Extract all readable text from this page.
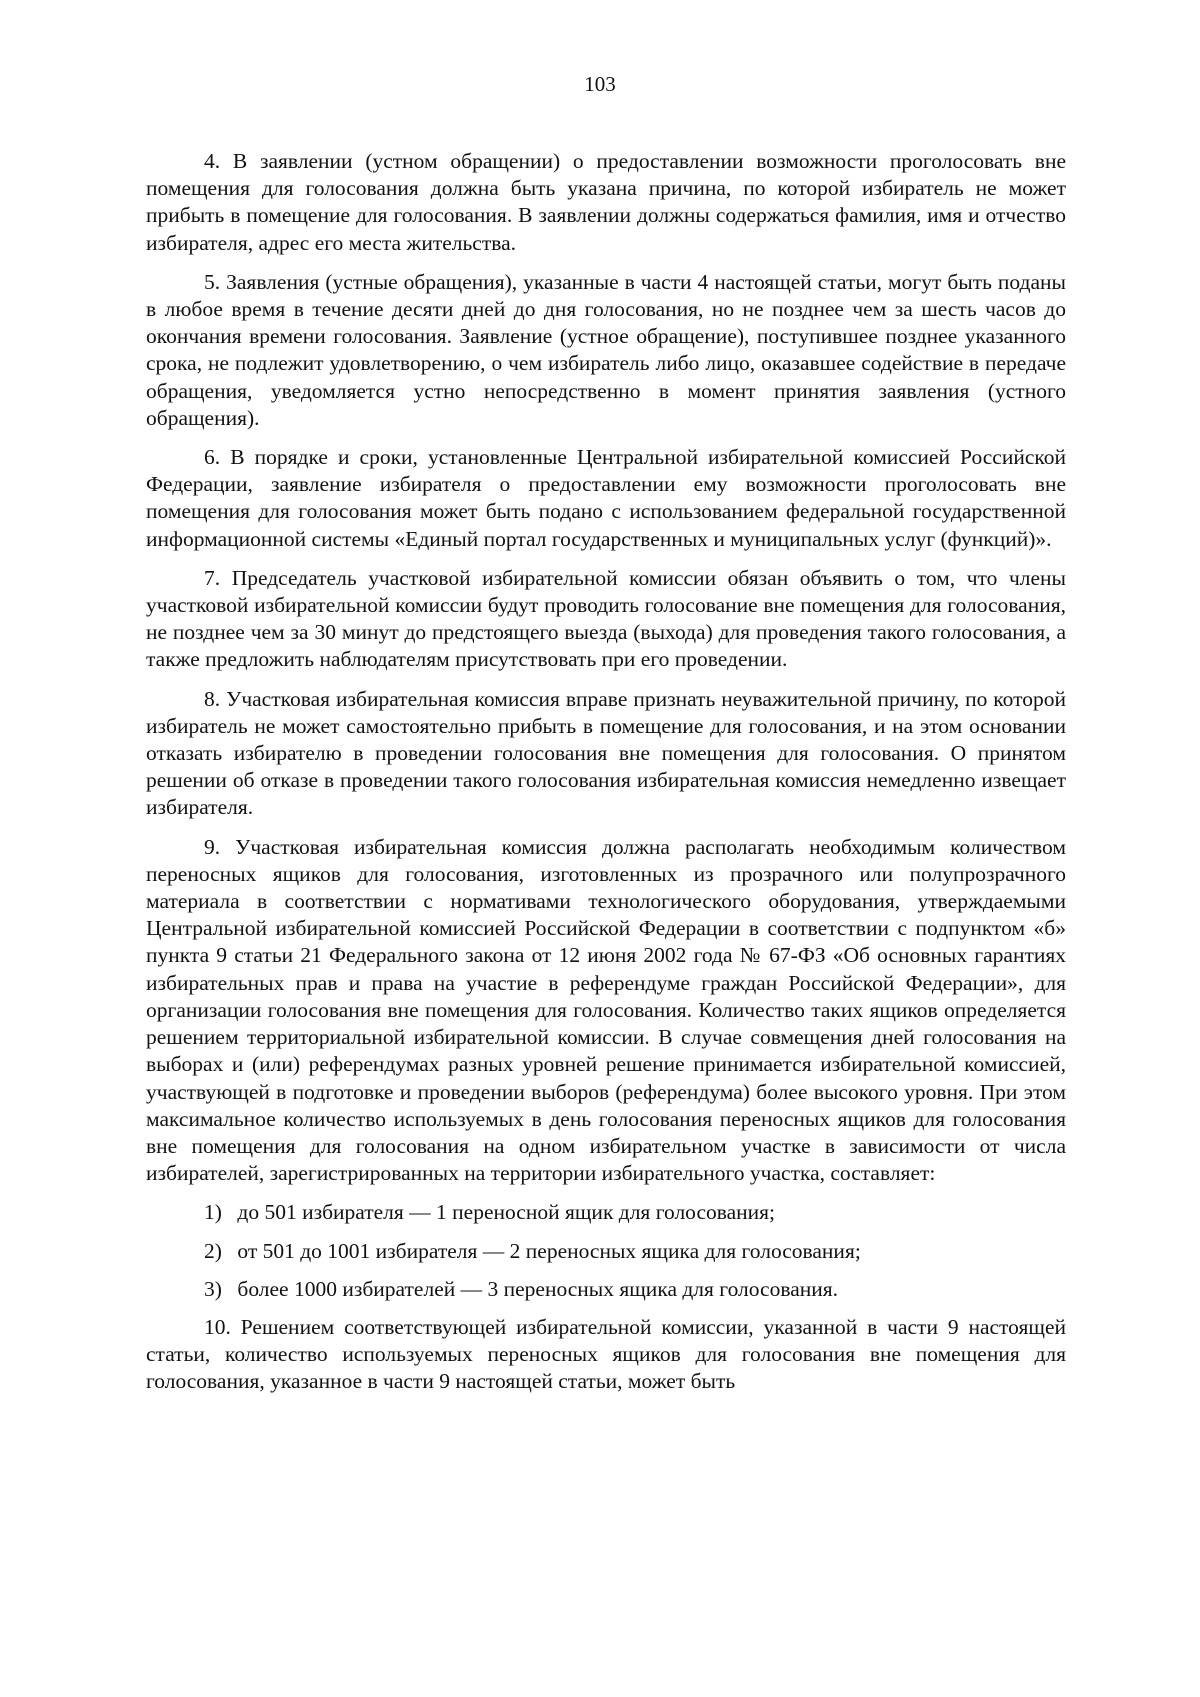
103

4. В заявлении (устном обращении) о предоставлении возможности проголосовать вне помещения для голосования должна быть указана причина, по которой избиратель не может прибыть в помещение для голосования. В заявлении должны содержаться фамилия, имя и отчество избирателя, адрес его места жительства.

5. Заявления (устные обращения), указанные в части 4 настоящей статьи, могут быть поданы в любое время в течение десяти дней до дня голосования, но не позднее чем за шесть часов до окончания времени голосования. Заявление (устное обращение), поступившее позднее указанного срока, не подлежит удовлетворению, о чем избиратель либо лицо, оказавшее содействие в передаче обращения, уведомляется устно непосредственно в момент принятия заявления (устного обращения).

6. В порядке и сроки, установленные Центральной избирательной комиссией Российской Федерации, заявление избирателя о предоставлении ему возможности проголосовать вне помещения для голосования может быть подано с использованием федеральной государственной информационной системы «Единый портал государственных и муниципальных услуг (функций)».

7. Председатель участковой избирательной комиссии обязан объявить о том, что члены участковой избирательной комиссии будут проводить голосование вне помещения для голосования, не позднее чем за 30 минут до предстоящего выезда (выхода) для проведения такого голосования, а также предложить наблюдателям присутствовать при его проведении.

8. Участковая избирательная комиссия вправе признать неуважительной причину, по которой избиратель не может самостоятельно прибыть в помещение для голосования, и на этом основании отказать избирателю в проведении голосования вне помещения для голосования. О принятом решении об отказе в проведении такого голосования избирательная комиссия немедленно извещает избирателя.

9. Участковая избирательная комиссия должна располагать необходимым количеством переносных ящиков для голосования, изготовленных из прозрачного или полупрозрачного материала в соответствии с нормативами технологического оборудования, утверждаемыми Центральной избирательной комиссией Российской Федерации в соответствии с подпунктом «б» пункта 9 статьи 21 Федерального закона от 12 июня 2002 года № 67-ФЗ «Об основных гарантиях избирательных прав и права на участие в референдуме граждан Российской Федерации», для организации голосования вне помещения для голосования. Количество таких ящиков определяется решением территориальной избирательной комиссии. В случае совмещения дней голосования на выборах и (или) референдумах разных уровней решение принимается избирательной комиссией, участвующей в подготовке и проведении выборов (референдума) более высокого уровня. При этом максимальное количество используемых в день голосования переносных ящиков для голосования вне помещения для голосования на одном избирательном участке в зависимости от числа избирателей, зарегистрированных на территории избирательного участка, составляет:

1) до 501 избирателя — 1 переносной ящик для голосования;

2) от 501 до 1001 избирателя — 2 переносных ящика для голосования;

3) более 1000 избирателей — 3 переносных ящика для голосования.

10. Решением соответствующей избирательной комиссии, указанной в части 9 настоящей статьи, количество используемых переносных ящиков для голосования вне помещения для голосования, указанное в части 9 настоящей статьи, может быть
